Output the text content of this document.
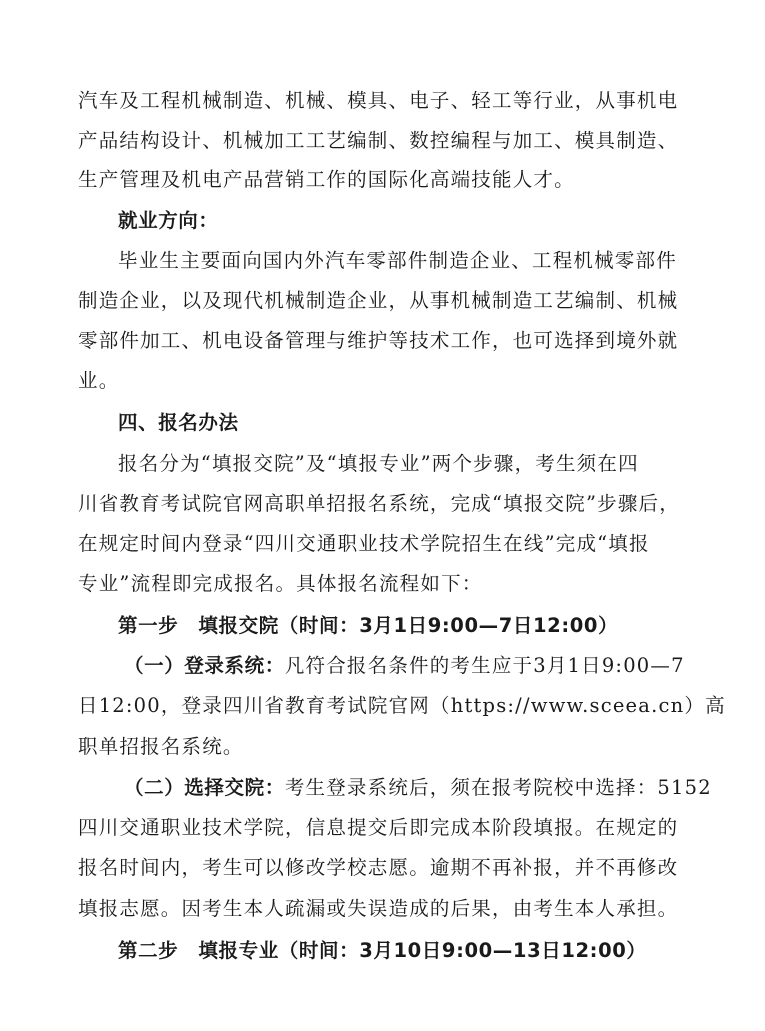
汽车及工程机械制造、机械、模具、电子、轻工等行业，从事机电
产品结构设计、机械加工工艺编制、数控编程与加工、模具制造、
生产管理及机电产品营销工作的国际化高端技能人才。
就业方向：
毕业生主要面向国内外汽车零部件制造企业、工程机械零部件
制造企业，以及现代机械制造企业，从事机械制造工艺编制、机械
零部件加工、机电设备管理与维护等技术工作，也可选择到境外就
业。
四、报名办法
报名分为“填报交院”及“填报专业”两个步骤，考生须在四
川省教育考试院官网高职单招报名系统，完成“填报交院”步骤后，
在规定时间内登录“四川交通职业技术学院招生在线”完成“填报
专业”流程即完成报名。具体报名流程如下：
第一步　填报交院（时间：3月1日9:00—7日12:00）
（一）登录系统：凡符合报名条件的考生应于3月1日9:00—7
日12:00，登录四川省教育考试院官网（https://www.sceea.cn）高
职单招报名系统。
（二）选择交院：考生登录系统后，须在报考院校中选择：5152
四川交通职业技术学院，信息提交后即完成本阶段填报。在规定的
报名时间内，考生可以修改学校志愿。逾期不再补报，并不再修改
填报志愿。因考生本人疏漏或失误造成的后果，由考生本人承担。
第二步　填报专业（时间：3月10日9:00—13日12:00）
